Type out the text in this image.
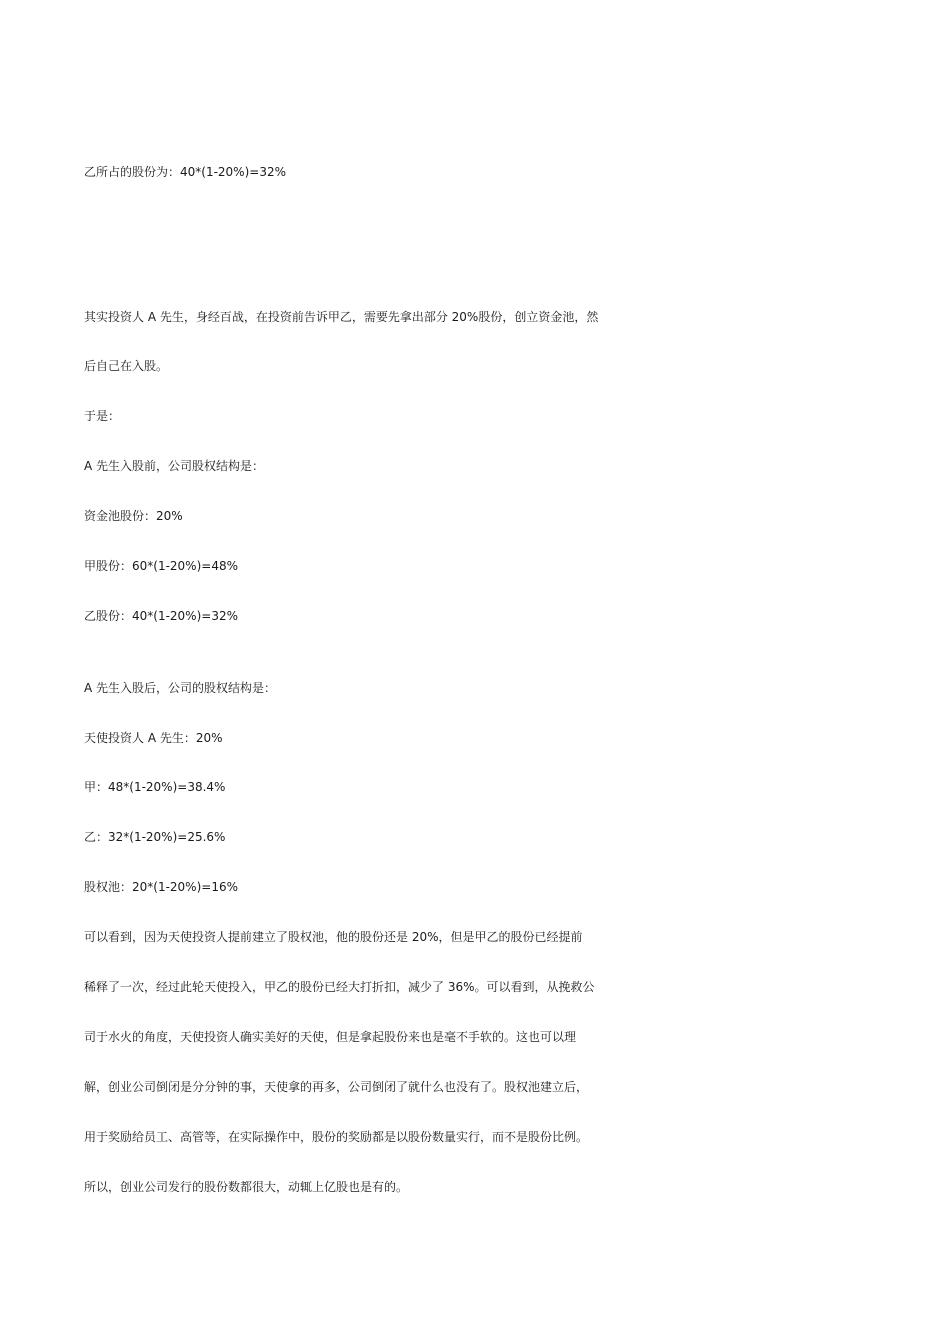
乙所占的股份为：40*(1-20%)=32%

其实投资人 A 先生，身经百战，在投资前告诉甲乙，需要先拿出部分 20%股份，创立资金池，然

后自己在入股。

于是：

A 先生入股前，公司股权结构是：

资金池股份：20%

甲股份：60*(1-20%)=48%

乙股份：40*(1-20%)=32%

A 先生入股后，公司的股权结构是：

天使投资人 A 先生：20%

甲：48*(1-20%)=38.4%

乙：32*(1-20%)=25.6%

股权池：20*(1-20%)=16%

可以看到，因为天使投资人提前建立了股权池，他的股份还是 20%，但是甲乙的股份已经提前

稀释了一次，经过此轮天使投入，甲乙的股份已经大打折扣，减少了 36%。可以看到，从挽救公

司于水火的角度，天使投资人确实美好的天使，但是拿起股份来也是毫不手软的。这也可以理

解，创业公司倒闭是分分钟的事，天使拿的再多，公司倒闭了就什么也没有了。股权池建立后，

用于奖励给员工、高管等，在实际操作中，股份的奖励都是以股份数量实行，而不是股份比例。

所以，创业公司发行的股份数都很大，动辄上亿股也是有的。
